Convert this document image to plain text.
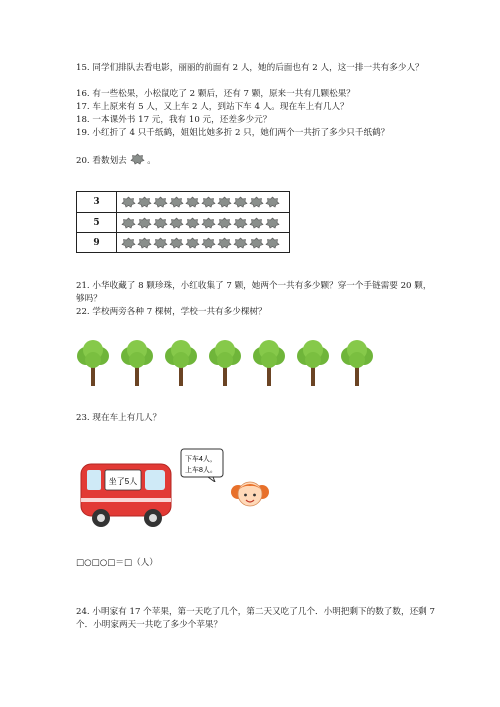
15. 同学们排队去看电影，丽丽的前面有 2 人，她的后面也有 2 人，这一排一共有多少人？

16. 有一些松果，小松鼠吃了 2 颗后，还有 7 颗，原来一共有几颗松果？

17. 车上原来有 5 人，又上车 2 人，到站下车 4 人。现在车上有几人？

18. 一本课外书 17 元，我有 10 元，还差多少元？

19. 小红折了 4 只千纸鹤，姐姐比她多折 2 只，她们两个一共折了多少只千纸鹤？

20. 看数划去 。

3
5
9

21. 小华收藏了 8 颗珍珠，小红收集了 7 颗，她两个一共有多少颗？穿一个手链需要 20 颗，够吗？

22. 学校两旁各种 7 棵树，学校一共有多少棵树？

23. 现在车上有几人？

坐了5人
下车4人，
上车8人。

□○□○□＝□（人）

24. 小明家有 17 个苹果，第一天吃了几个，第二天又吃了几个．小明把剩下的数了数，还剩 7 个．小明家两天一共吃了多少个苹果？
